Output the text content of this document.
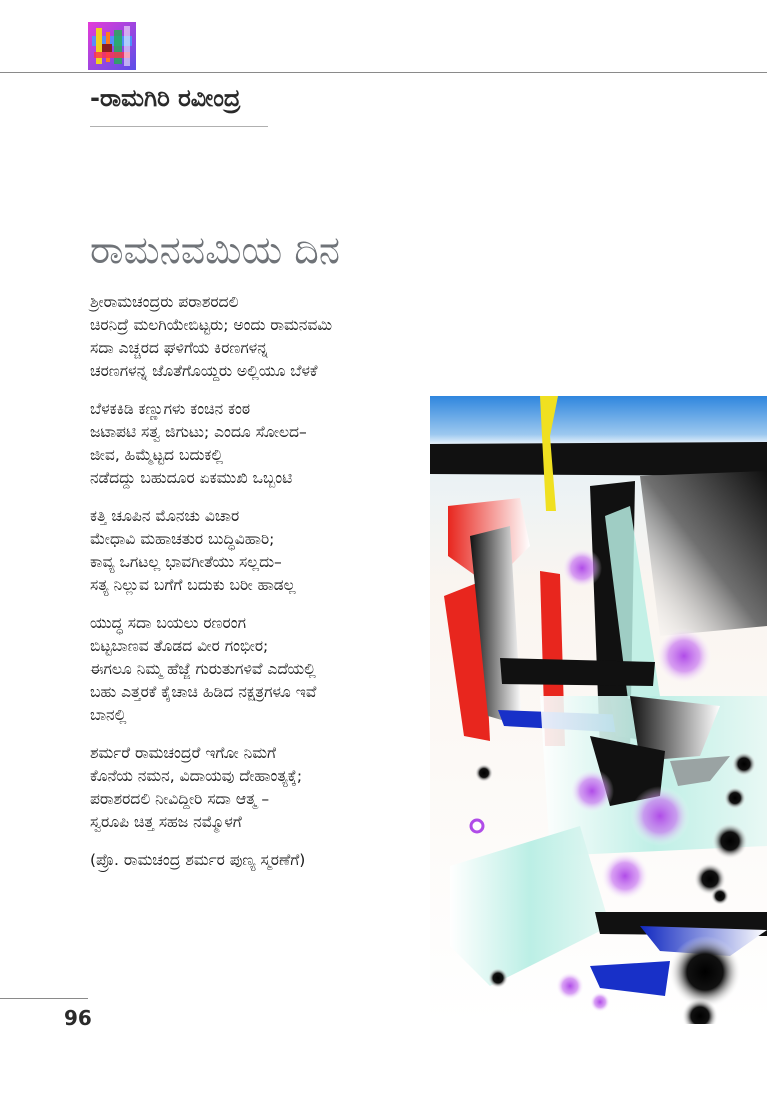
-ರಾಮಗಿರಿ ರವೀಂದ್ರ
ರಾಮನವಮಿಯ ದಿನ
ಶ್ರೀರಾಮಚಂದ್ರರು ಪರಾಶರದಲಿ
ಚಿರನಿದ್ರೆ ಮಲಗಿಯೇಬಿಟ್ಟರು; ಅಂದು ರಾಮನವಮಿ
ಸದಾ ಎಚ್ಚರದ ಘಳಿಗೆಯ ಕಿರಣಗಳನ್ನ
ಚರಣಗಳನ್ನ ಜೊತೆಗೊಯ್ದರು ಅಲ್ಲಿಯೂ ಬೆಳಕೆ
ಬೆಳಕಕಿಡಿ ಕಣ್ಣುಗಳು ಕಂಚಿನ ಕಂಠ
ಜಟಾಪಟಿ ಸತ್ವ ಜಿಗುಟು; ಎಂದೂ ಸೋಲದ–
ಜೀವ, ಹಿಮ್ಮೆಟ್ಟದ ಬದುಕಲ್ಲಿ
ನಡೆದದ್ದು ಬಹುದೂರ ಏಕಮುಖಿ ಒಬ್ಬಂಟಿ
ಕತ್ತಿ ಚೂಪಿನ ಮೊನಚು ವಿಚಾರ
ಮೇಧಾವಿ ಮಹಾಚತುರ ಬುದ್ಧಿವಿಹಾರಿ;
ಕಾವ್ಯ ಒಗಟಲ್ಲ ಭಾವಗೀತೆಯು ಸಲ್ಲದು–
ಸತ್ಯ ನಿಲ್ಲುವ ಬಗೆಗೆ ಬದುಕು ಬರೀ ಹಾಡಲ್ಲ
ಯುದ್ಧ ಸದಾ ಬಯಲು ರಣರಂಗ
ಬಿಟ್ಟಬಾಣವ ತೊಡದ ವೀರ ಗಂಭೀರ;
ಈಗಲೂ ನಿಮ್ಮ ಹೆಜ್ಜೆ ಗುರುತುಗಳಿವೆ ಎದೆಯಲ್ಲಿ
ಬಹು ಎತ್ತರಕೆ ಕೈಚಾಚಿ ಹಿಡಿದ ನಕ್ಷತ್ರಗಳೂ ಇವೆ
ಬಾನಲ್ಲಿ
ಶರ್ಮರೆ ರಾಮಚಂದ್ರರೆ ಇಗೋ ನಿಮಗೆ
ಕೊನೆಯ ನಮನ, ವಿದಾಯವು ದೇಹಾಂತ್ಯಕ್ಕೆ;
ಪರಾಶರದಲಿ ನೀವಿದ್ದೀರಿ ಸದಾ ಆತ್ಮ –
ಸ್ವರೂಪಿ ಚಿತ್ತ ಸಹಜ ನಮ್ಮೊಳಗೆ
(ಪ್ರೊ. ರಾಮಚಂದ್ರ ಶರ್ಮರ ಪುಣ್ಯ ಸ್ಮರಣೆಗೆ)
96
